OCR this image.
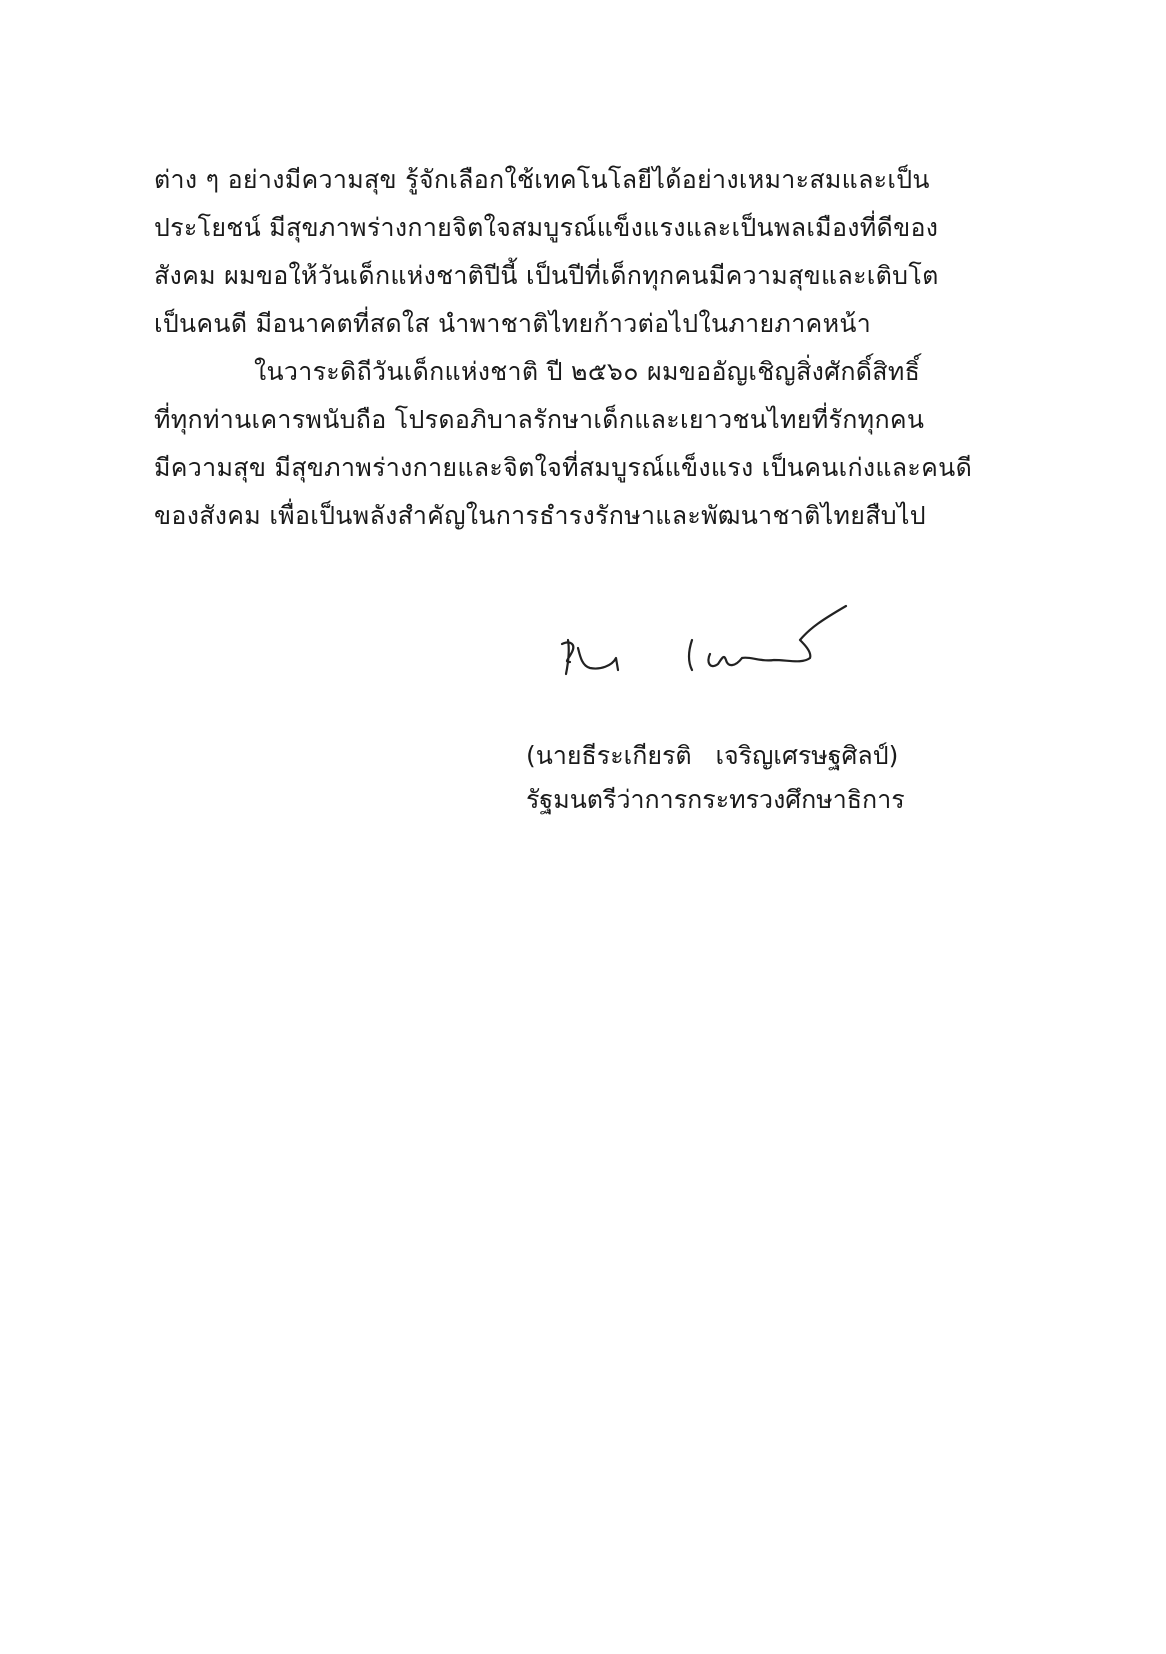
ต่าง ๆ อย่างมีความสุข รู้จักเลือกใช้เทคโนโลยีได้อย่างเหมาะสมและเป็น
ประโยชน์ มีสุขภาพร่างกายจิตใจสมบูรณ์แข็งแรงและเป็นพลเมืองที่ดีของ
สังคม ผมขอให้วันเด็กแห่งชาติปีนี้ เป็นปีที่เด็กทุกคนมีความสุขและเติบโต
เป็นคนดี มีอนาคตที่สดใส นำพาชาติไทยก้าวต่อไปในภายภาคหน้า
ในวาระดิถีวันเด็กแห่งชาติ ปี ๒๕๖๐ ผมขออัญเชิญสิ่งศักดิ์สิทธิ์
ที่ทุกท่านเคารพนับถือ โปรดอภิบาลรักษาเด็กและเยาวชนไทยที่รักทุกคน
มีความสุข มีสุขภาพร่างกายและจิตใจที่สมบูรณ์แข็งแรง เป็นคนเก่งและคนดี
ของสังคม เพื่อเป็นพลังสำคัญในการธำรงรักษาและพัฒนาชาติไทยสืบไป
(นายธีระเกียรติ   เจริญเศรษฐศิลป์)
รัฐมนตรีว่าการกระทรวงศึกษาธิการ
